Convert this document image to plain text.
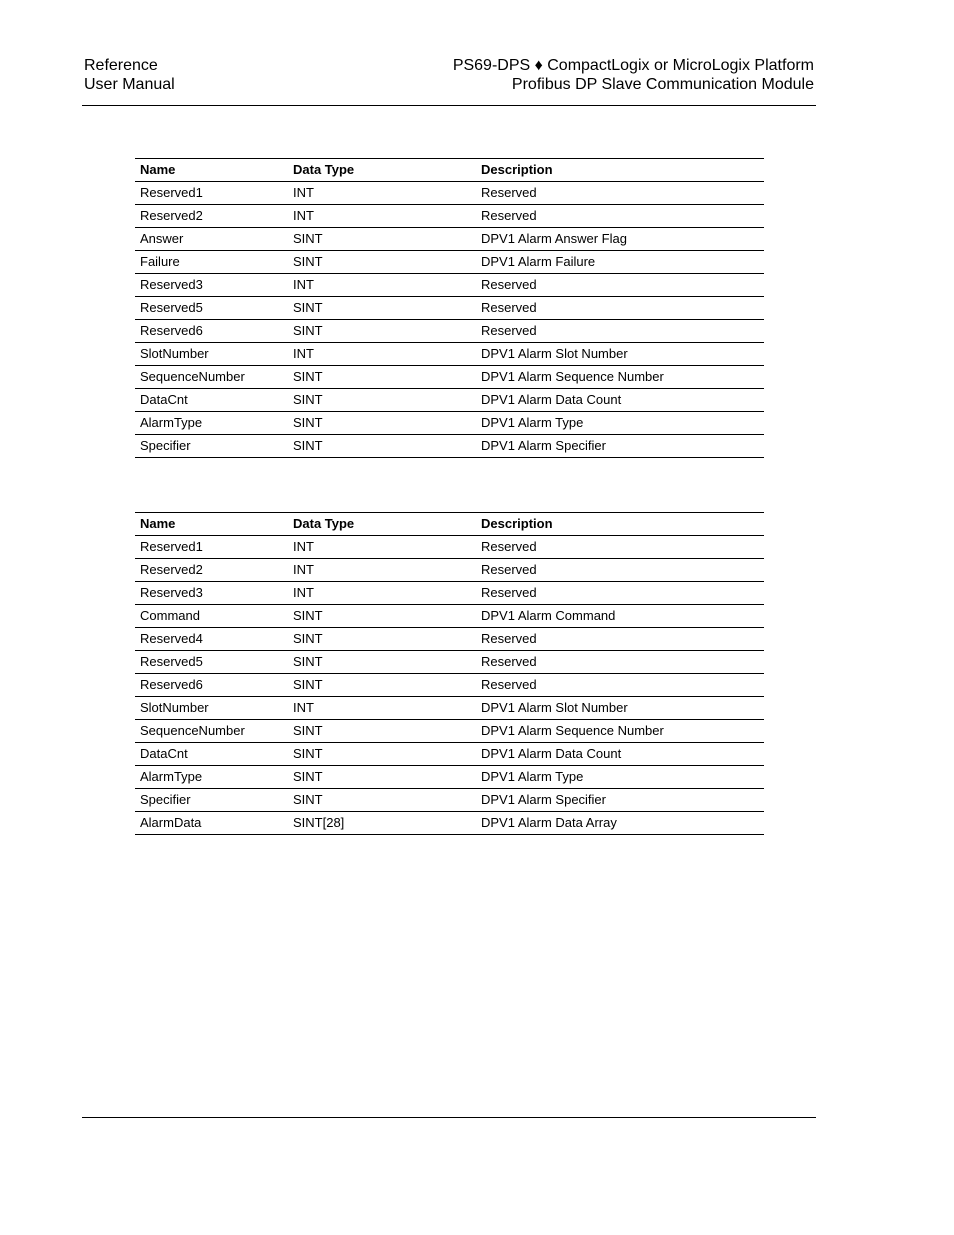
Reference
User Manual
PS69-DPS ♦ CompactLogix or MicroLogix Platform
Profibus DP Slave Communication Module
Name	Data Type	Description
Reserved1	INT	Reserved
Reserved2	INT	Reserved
Answer	SINT	DPV1 Alarm Answer Flag
Failure	SINT	DPV1 Alarm Failure
Reserved3	INT	Reserved
Reserved5	SINT	Reserved
Reserved6	SINT	Reserved
SlotNumber	INT	DPV1 Alarm Slot Number
SequenceNumber	SINT	DPV1 Alarm Sequence Number
DataCnt	SINT	DPV1 Alarm Data Count
AlarmType	SINT	DPV1 Alarm Type
Specifier	SINT	DPV1 Alarm Specifier
Name	Data Type	Description
Reserved1	INT	Reserved
Reserved2	INT	Reserved
Reserved3	INT	Reserved
Command	SINT	DPV1 Alarm Command
Reserved4	SINT	Reserved
Reserved5	SINT	Reserved
Reserved6	SINT	Reserved
SlotNumber	INT	DPV1 Alarm Slot Number
SequenceNumber	SINT	DPV1 Alarm Sequence Number
DataCnt	SINT	DPV1 Alarm Data Count
AlarmType	SINT	DPV1 Alarm Type
Specifier	SINT	DPV1 Alarm Specifier
AlarmData	SINT[28]	DPV1 Alarm Data Array
